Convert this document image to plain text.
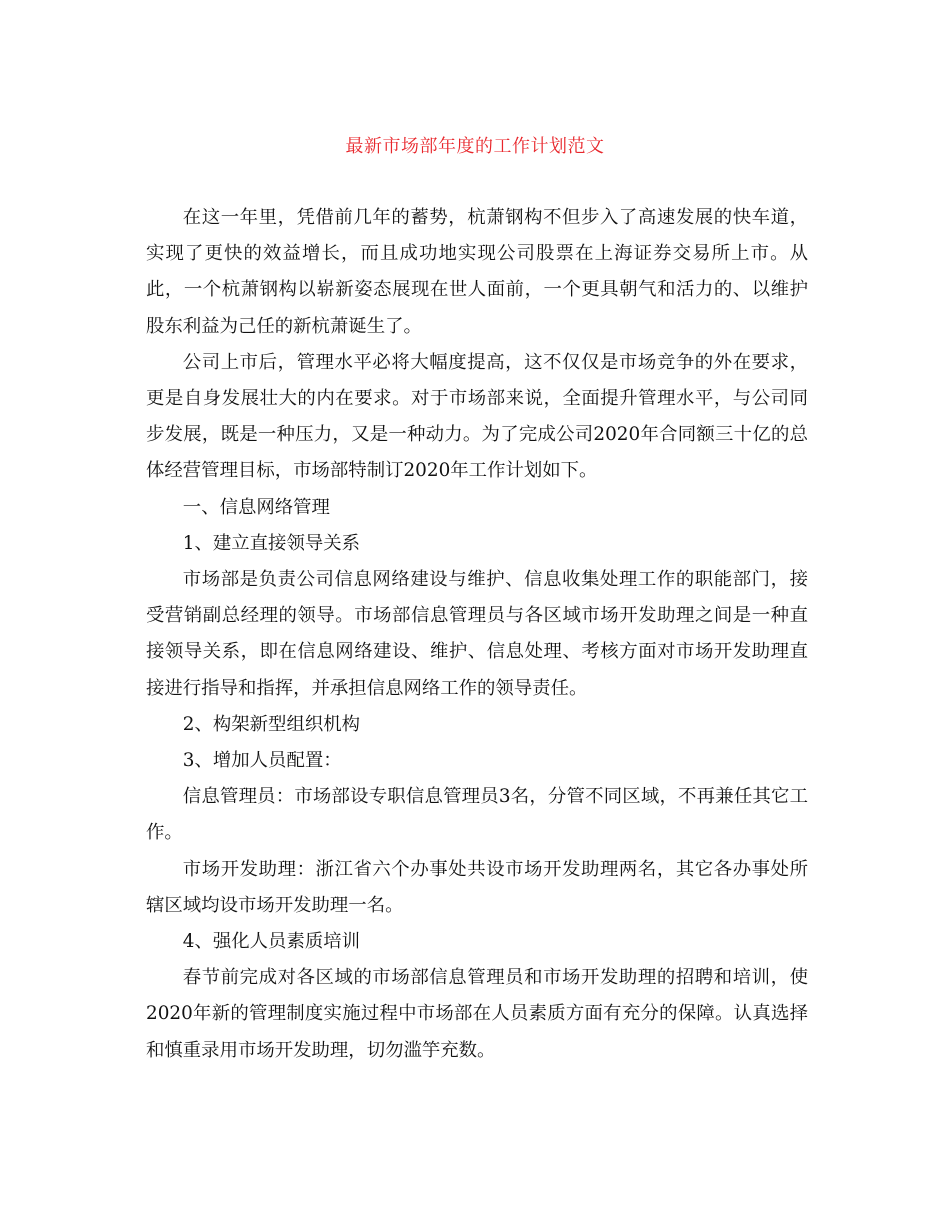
最新市场部年度的工作计划范文

在这一年里，凭借前几年的蓄势，杭萧钢构不但步入了高速发展的快车道，实现了更快的效益增长，而且成功地实现公司股票在上海证券交易所上市。从此，一个杭萧钢构以崭新姿态展现在世人面前，一个更具朝气和活力的、以维护股东利益为己任的新杭萧诞生了。

公司上市后，管理水平必将大幅度提高，这不仅仅是市场竞争的外在要求，更是自身发展壮大的内在要求。对于市场部来说，全面提升管理水平，与公司同步发展，既是一种压力，又是一种动力。为了完成公司2020年合同额三十亿的总体经营管理目标，市场部特制订2020年工作计划如下。

一、信息网络管理

1、建立直接领导关系

市场部是负责公司信息网络建设与维护、信息收集处理工作的职能部门，接受营销副总经理的领导。市场部信息管理员与各区域市场开发助理之间是一种直接领导关系，即在信息网络建设、维护、信息处理、考核方面对市场开发助理直接进行指导和指挥，并承担信息网络工作的领导责任。

2、构架新型组织机构

3、增加人员配置：

信息管理员：市场部设专职信息管理员3名，分管不同区域，不再兼任其它工作。

市场开发助理：浙江省六个办事处共设市场开发助理两名，其它各办事处所辖区域均设市场开发助理一名。

4、强化人员素质培训

春节前完成对各区域的市场部信息管理员和市场开发助理的招聘和培训，使2020年新的管理制度实施过程中市场部在人员素质方面有充分的保障。认真选择和慎重录用市场开发助理，切勿滥竽充数。
